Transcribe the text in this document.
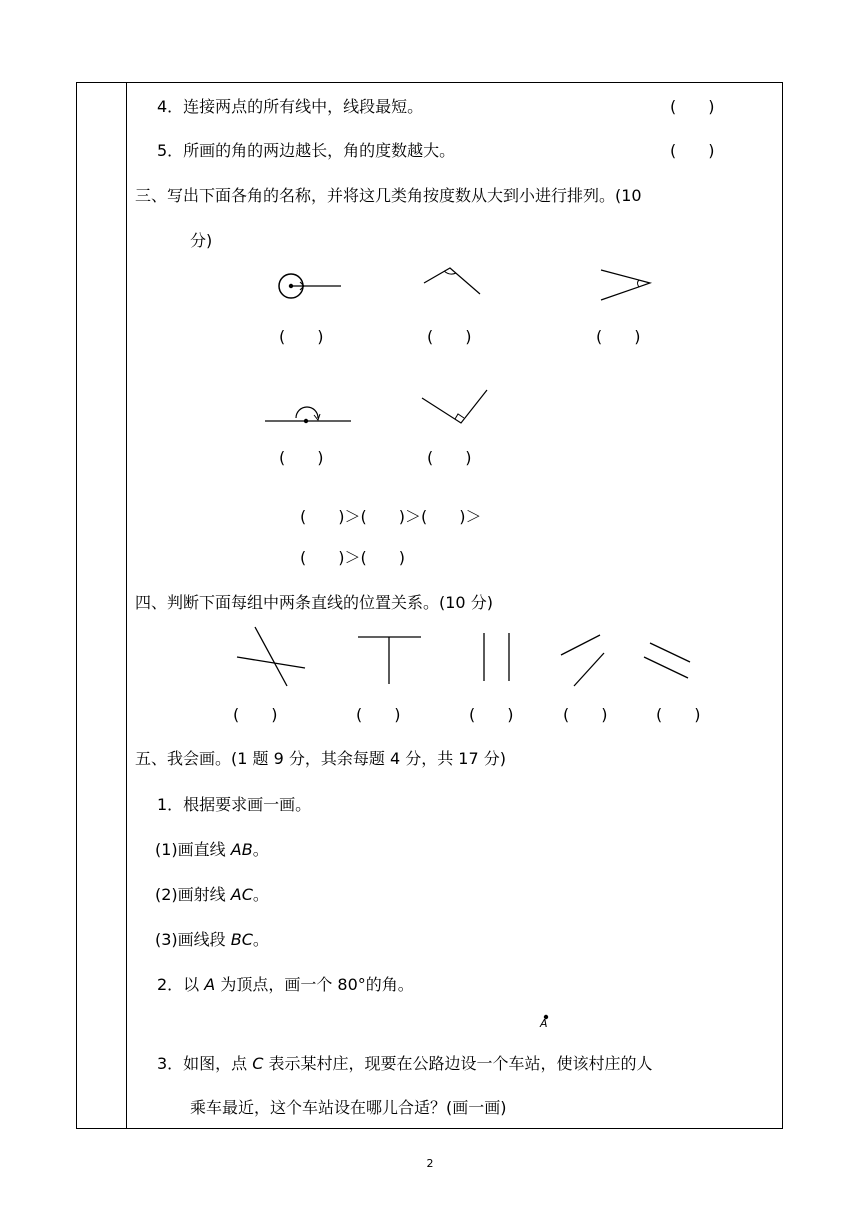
4．连接两点的所有线中，线段最短。	(　　)
5．所画的角的两边越长，角的度数越大。	(　　)
三、写出下面各角的名称，并将这几类角按度数从大到小进行排列。(10
分)
(　　)	(　　)	(　　)
(　　)	(　　)
(　　)＞(　　)＞(　　)＞
(　　)＞(　　)
四、判断下面每组中两条直线的位置关系。(10 分)
(　　)	(　　)	(　　)	(　　)	(　　)
五、我会画。(1 题 9 分，其余每题 4 分，共 17 分)
1．根据要求画一画。
(1)画直线 AB。
(2)画射线 AC。
(3)画线段 BC。
2．以 A 为顶点，画一个 80°的角。
A
3．如图，点 C 表示某村庄，现要在公路边设一个车站，使该村庄的人
乘车最近，这个车站设在哪儿合适？(画一画)
2
